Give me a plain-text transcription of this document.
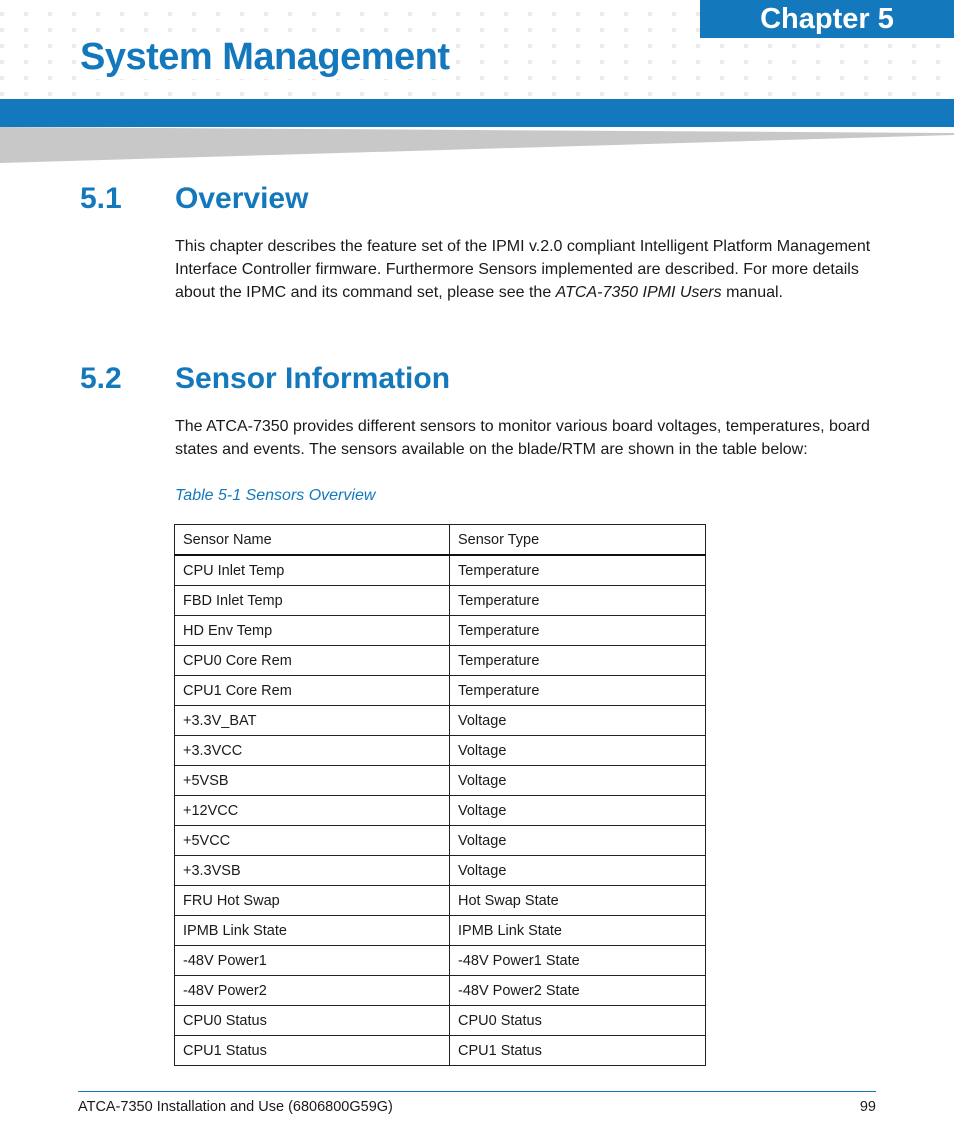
Chapter 5
System Management
5.1 Overview

This chapter describes the feature set of the IPMI v.2.0 compliant Intelligent Platform Management Interface Controller firmware. Furthermore Sensors implemented are described. For more details about the IPMC and its command set, please see the ATCA-7350 IPMI Users manual.

5.2 Sensor Information

The ATCA-7350 provides different sensors to monitor various board voltages, temperatures, board states and events. The sensors available on the blade/RTM are shown in the table below:

Table 5-1 Sensors Overview

Sensor Name	Sensor Type
CPU Inlet Temp	Temperature
FBD Inlet Temp	Temperature
HD Env Temp	Temperature
CPU0 Core Rem	Temperature
CPU1 Core Rem	Temperature
+3.3V_BAT	Voltage
+3.3VCC	Voltage
+5VSB	Voltage
+12VCC	Voltage
+5VCC	Voltage
+3.3VSB	Voltage
FRU Hot Swap	Hot Swap State
IPMB Link State	IPMB Link State
-48V Power1	-48V Power1 State
-48V Power2	-48V Power2 State
CPU0 Status	CPU0 Status
CPU1 Status	CPU1 Status
ATCA-7350 Installation and Use (6806800G59G)	99
